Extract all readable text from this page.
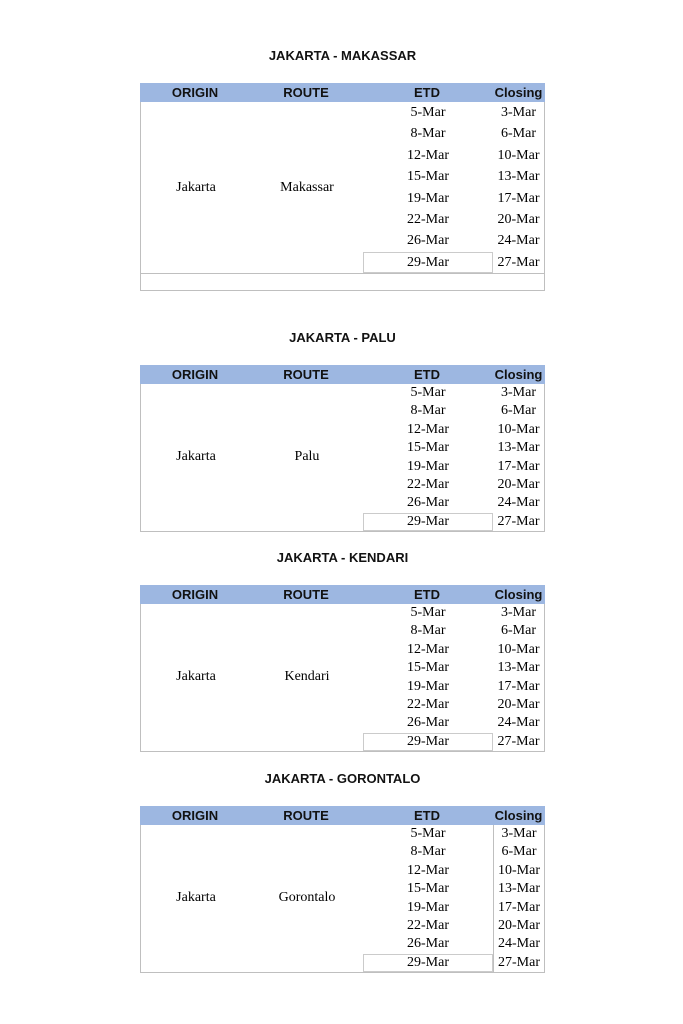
JAKARTA - MAKASSAR
ORIGIN	ROUTE	ETD	Closing
Jakarta	Makassar
5-Mar	3-Mar
8-Mar	6-Mar
12-Mar	10-Mar
15-Mar	13-Mar
19-Mar	17-Mar
22-Mar	20-Mar
26-Mar	24-Mar
29-Mar	27-Mar
JAKARTA - PALU
ORIGIN	ROUTE	ETD	Closing
Jakarta	Palu
5-Mar	3-Mar
8-Mar	6-Mar
12-Mar	10-Mar
15-Mar	13-Mar
19-Mar	17-Mar
22-Mar	20-Mar
26-Mar	24-Mar
29-Mar	27-Mar
JAKARTA - KENDARI
ORIGIN	ROUTE	ETD	Closing
Jakarta	Kendari
5-Mar	3-Mar
8-Mar	6-Mar
12-Mar	10-Mar
15-Mar	13-Mar
19-Mar	17-Mar
22-Mar	20-Mar
26-Mar	24-Mar
29-Mar	27-Mar
JAKARTA - GORONTALO
ORIGIN	ROUTE	ETD	Closing
Jakarta	Gorontalo
5-Mar	3-Mar
8-Mar	6-Mar
12-Mar	10-Mar
15-Mar	13-Mar
19-Mar	17-Mar
22-Mar	20-Mar
26-Mar	24-Mar
29-Mar	27-Mar
